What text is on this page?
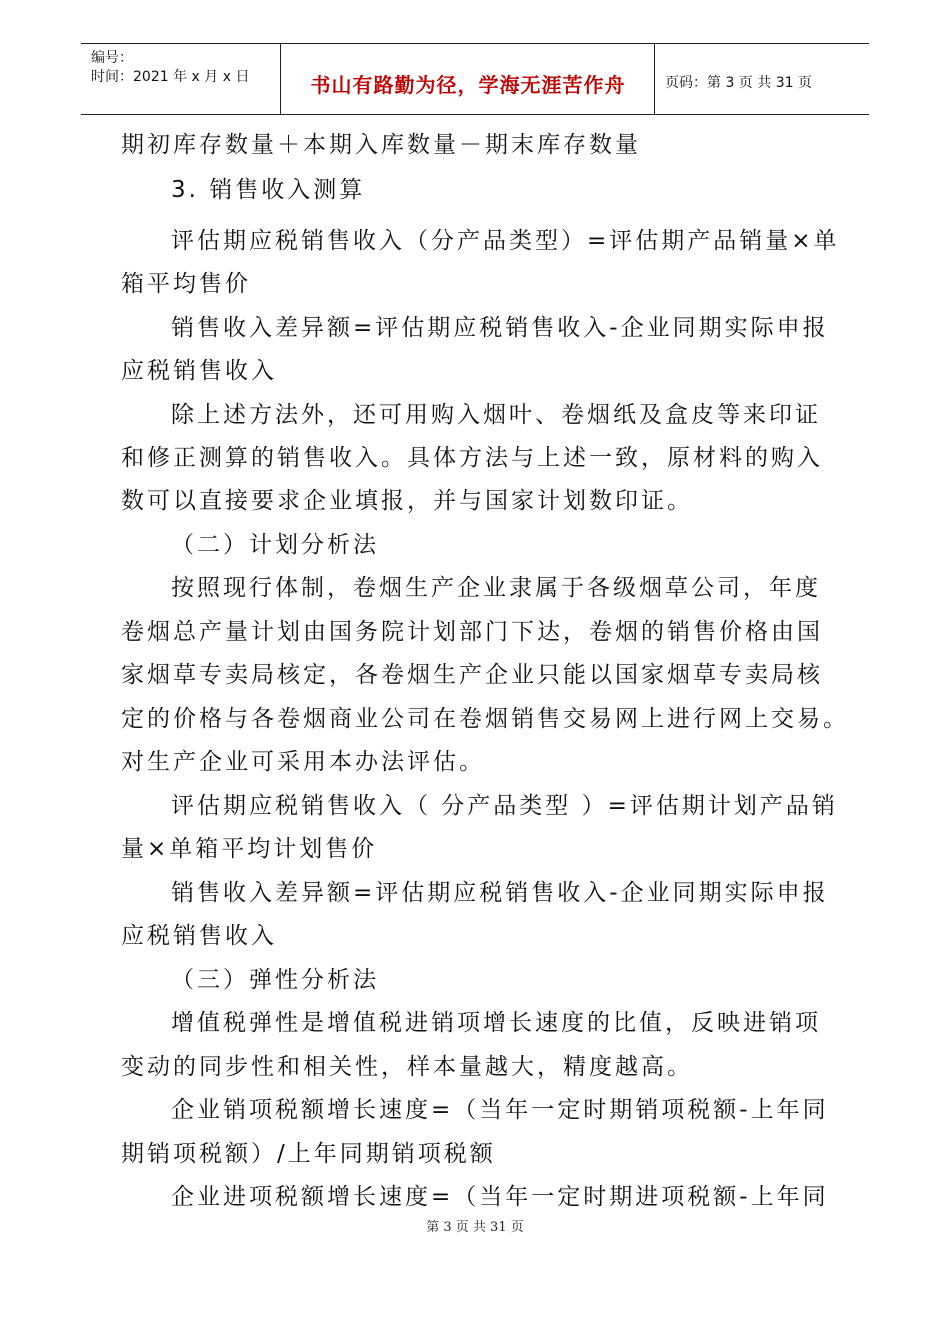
编号：
时间：2021 年 x 月 x 日	书山有路勤为径，学海无涯苦作舟	页码：第 3 页 共 31 页
期初库存数量＋本期入库数量－期末库存数量
3. 销售收入测算
评估期应税销售收入（分产品类型）=评估期产品销量×单
箱平均售价
销售收入差异额=评估期应税销售收入-企业同期实际申报
应税销售收入
除上述方法外，还可用购入烟叶、卷烟纸及盒皮等来印证
和修正测算的销售收入。具体方法与上述一致，原材料的购入
数可以直接要求企业填报，并与国家计划数印证。
（二）计划分析法
按照现行体制，卷烟生产企业隶属于各级烟草公司，年度
卷烟总产量计划由国务院计划部门下达，卷烟的销售价格由国
家烟草专卖局核定，各卷烟生产企业只能以国家烟草专卖局核
定的价格与各卷烟商业公司在卷烟销售交易网上进行网上交易。
对生产企业可采用本办法评估。
评估期应税销售收入（ 分产品类型 ）=评估期计划产品销
量×单箱平均计划售价
销售收入差异额=评估期应税销售收入-企业同期实际申报
应税销售收入
（三）弹性分析法
增值税弹性是增值税进销项增长速度的比值，反映进销项
变动的同步性和相关性，样本量越大，精度越高。
企业销项税额增长速度=（当年一定时期销项税额-上年同
期销项税额）/上年同期销项税额
企业进项税额增长速度=（当年一定时期进项税额-上年同
第 3 页 共 31 页
